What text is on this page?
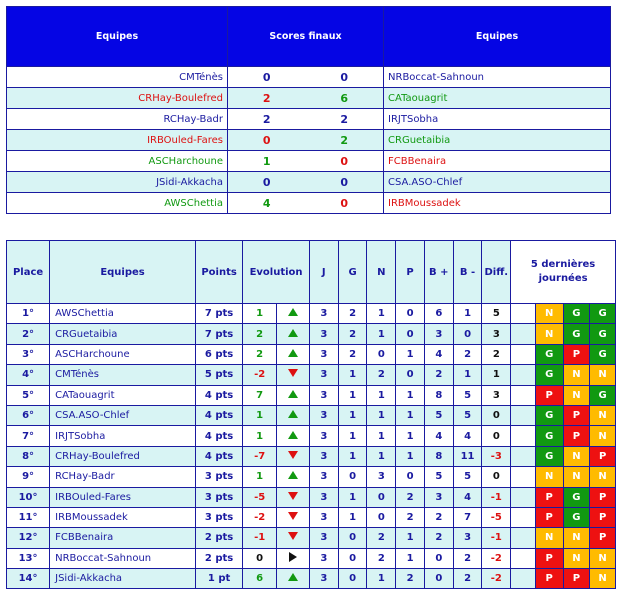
Equipes	Scores finaux		Equipes
CMTénès	0	0	NRBoccat-Sahnoun
CRHay-Boulefred	2	6	CATaouagrit
RCHay-Badr	2	2	IRJTSobha
IRBOuled-Fares	0	2	CRGuetaibia
ASCHarchoune	1	0	FCBBenaira
JSidi-Akkacha	0	0	CSA.ASO-Chlef
AWSChettia	4	0	IRBMoussadek
Place	Equipes	Points	Evolution		J	G	N	P	B +	B -	Diff.	5 dernières
journées			

1°	AWSChettia	7 pts	1		3	2	1	0	6	1	5		N	G	G
2°	CRGuetaibia	7 pts	2		3	2	1	0	3	0	3		N	G	G
3°	ASCHarchoune	6 pts	2		3	2	0	1	4	2	2		G	P	G
4°	CMTénès	5 pts	-2		3	1	2	0	2	1	1		G	N	N
5°	CATaouagrit	4 pts	7		3	1	1	1	8	5	3		P	N	G
6°	CSA.ASO-Chlef	4 pts	1		3	1	1	1	5	5	0		G	P	N
7°	IRJTSobha	4 pts	1		3	1	1	1	4	4	0		G	P	N
8°	CRHay-Boulefred	4 pts	-7		3	1	1	1	8	11	-3		G	N	P
9°	RCHay-Badr	3 pts	1		3	0	3	0	5	5	0		N	N	N
10°	IRBOuled-Fares	3 pts	-5		3	1	0	2	3	4	-1		P	G	P
11°	IRBMoussadek	3 pts	-2		3	1	0	2	2	7	-5		P	G	P
12°	FCBBenaira	2 pts	-1		3	0	2	1	2	3	-1		N	N	P
13°	NRBoccat-Sahnoun	2 pts	0		3	0	2	1	0	2	-2		P	N	N
14°	JSidi-Akkacha	1 pt	6		3	0	1	2	0	2	-2		P	P	N
